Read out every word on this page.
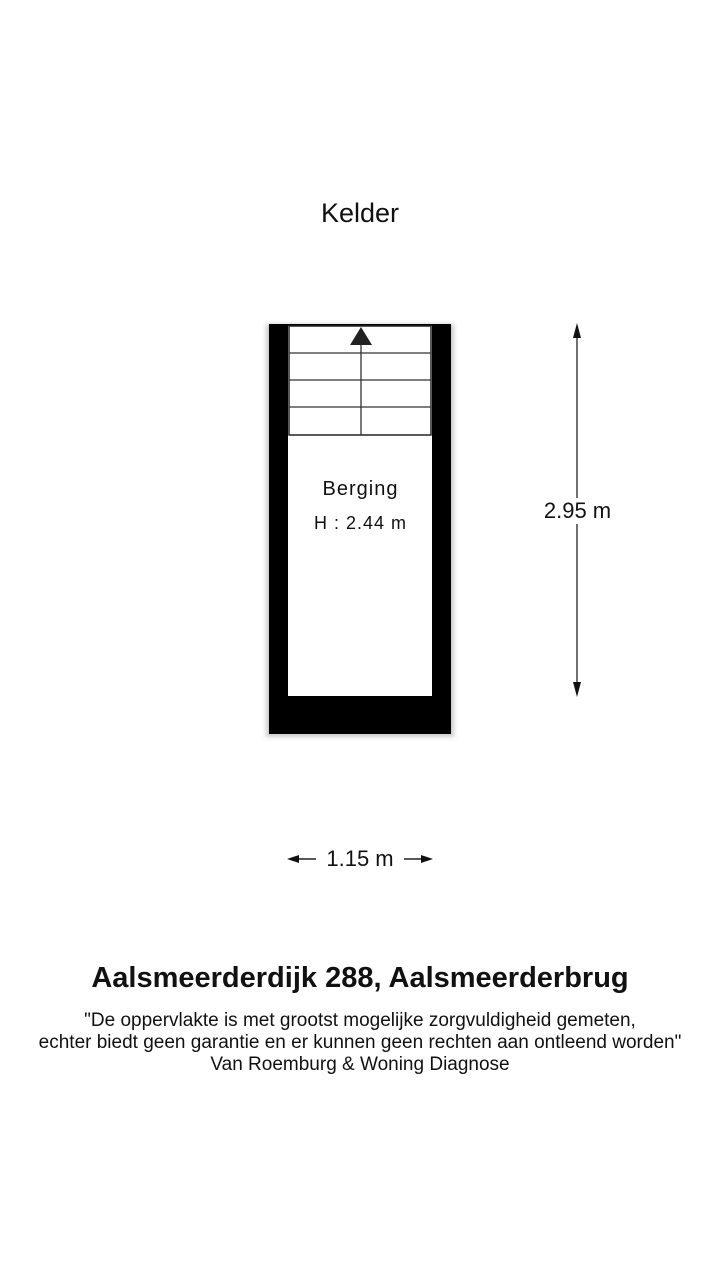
Kelder
Berging
H : 2.44 m	2.95 m
1.15 m
Aalsmeerderdijk 288, Aalsmeerderbrug
"De oppervlakte is met grootst mogelijke zorgvuldigheid gemeten,
echter biedt geen garantie en er kunnen geen rechten aan ontleend worden"
Van Roemburg & Woning Diagnose
